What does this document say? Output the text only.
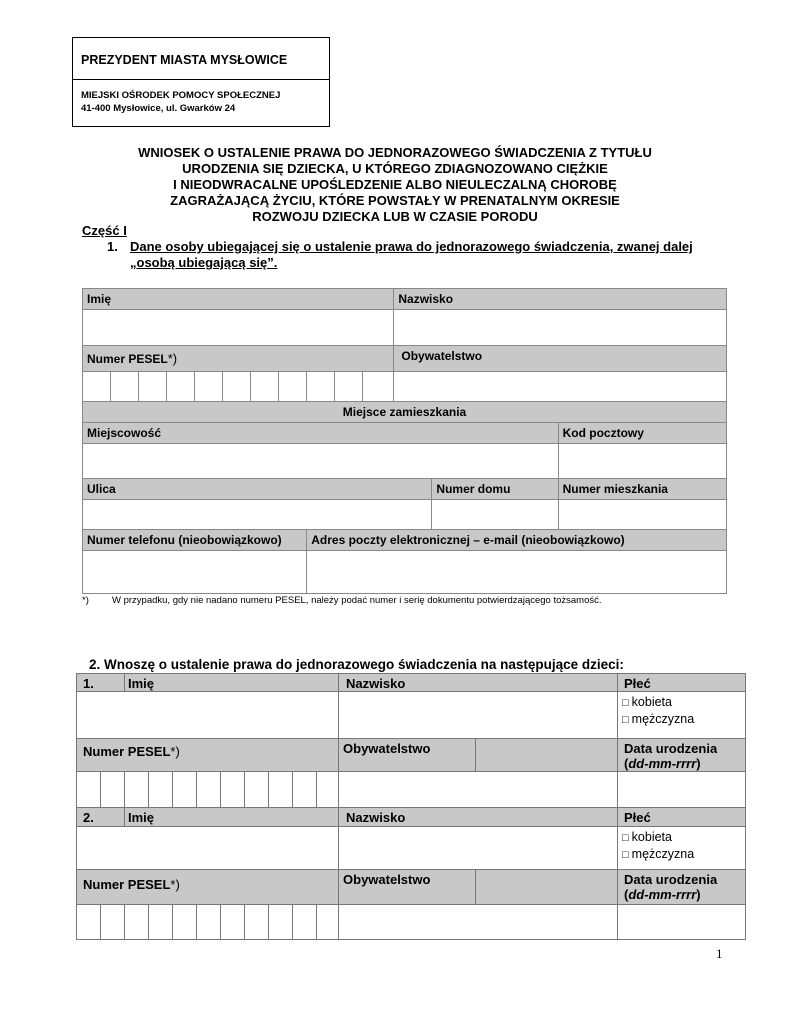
PREZYDENT MIASTA MYSŁOWICE
MIEJSKI OŚRODEK POMOCY SPOŁECZNEJ
41-400 Mysłowice, ul. Gwarków 24
WNIOSEK O USTALENIE PRAWA DO JEDNORAZOWEGO ŚWIADCZENIA Z TYTUŁU
URODZENIA SIĘ DZIECKA, U KTÓREGO ZDIAGNOZOWANO CIĘŻKIE
I NIEODWRACALNE UPOŚLEDZENIE ALBO NIEULECZALNĄ CHOROBĘ
ZAGRAŻAJĄCĄ ŻYCIU, KTÓRE POWSTAŁY W PRENATALNYM OKRESIE
ROZWOJU DZIECKA LUB W CZASIE PORODU
Część I
1. Dane osoby ubiegającej się o ustalenie prawa do jednorazowego świadczenia, zwanej dalej
„osobą ubiegającą się”.
Imię											Nazwisko		

Numer PESEL*)											Obywatelstwo		

Miejsce zamieszkania													
Miejscowość													Kod pocztowy

Ulica												Numer domu	Numer mieszkania

Numer telefonu (nieobowiązkowo)								Adres poczty elektronicznej – e-mail (nieobowiązkowo)					

*) W przypadku, gdy nie nadano numeru PESEL, należy podać numer i serię dokumentu potwierdzającego tożsamość.
2. Wnoszę o ustalenie prawa do jednorazowego świadczenia na następujące dzieci:
1.		Imię									Nazwisko		Płeć

													□ kobieta
□ mężczyzna

Numer PESEL*)											Obywatelstwo		Data urodzenia
(dd-mm-rrrr)

2.		Imię									Nazwisko		Płeć

													□ kobieta
□ mężczyzna

Numer PESEL*)											Obywatelstwo		Data urodzenia
(dd-mm-rrrr)

1
